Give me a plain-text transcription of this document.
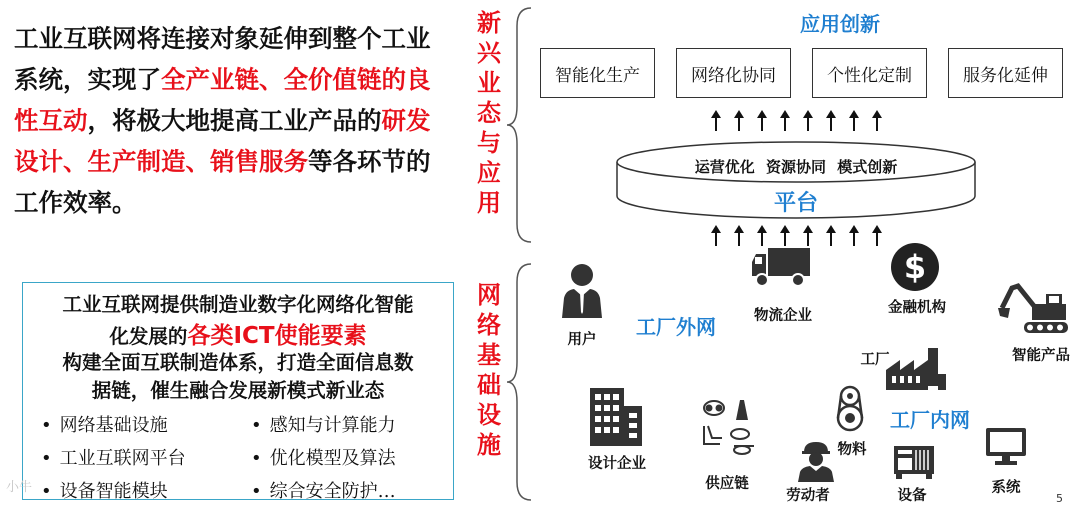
工业互联网将连接对象延伸到整个工业系统，实现了全产业链、全价值链的良性互动，将极大地提高工业产品的研发设计、生产制造、销售服务等各环节的工作效率。
工业互联网提供制造业数字化网络化智能
化发展的各类ICT使能要素
构建全面互联制造体系，打造全面信息数
据链，催生融合发展新模式新业态
• 网络基础设施	• 感知与计算能力
• 工业互联网平台	• 优化模型及算法
• 设备智能模块	• 综合安全防护…
新
兴
业
态
与
应
用
网
络
基
础
设
施
应用创新
智能化生产	网络化协同	个性化定制	服务化延伸
运营优化 资源协同 模式创新
平台
用户
工厂外网	物流企业
$
金融机构
智能产品
工厂
工厂内网
设计企业
供应链
物料
劳动者	设备	系统
5
小牛
